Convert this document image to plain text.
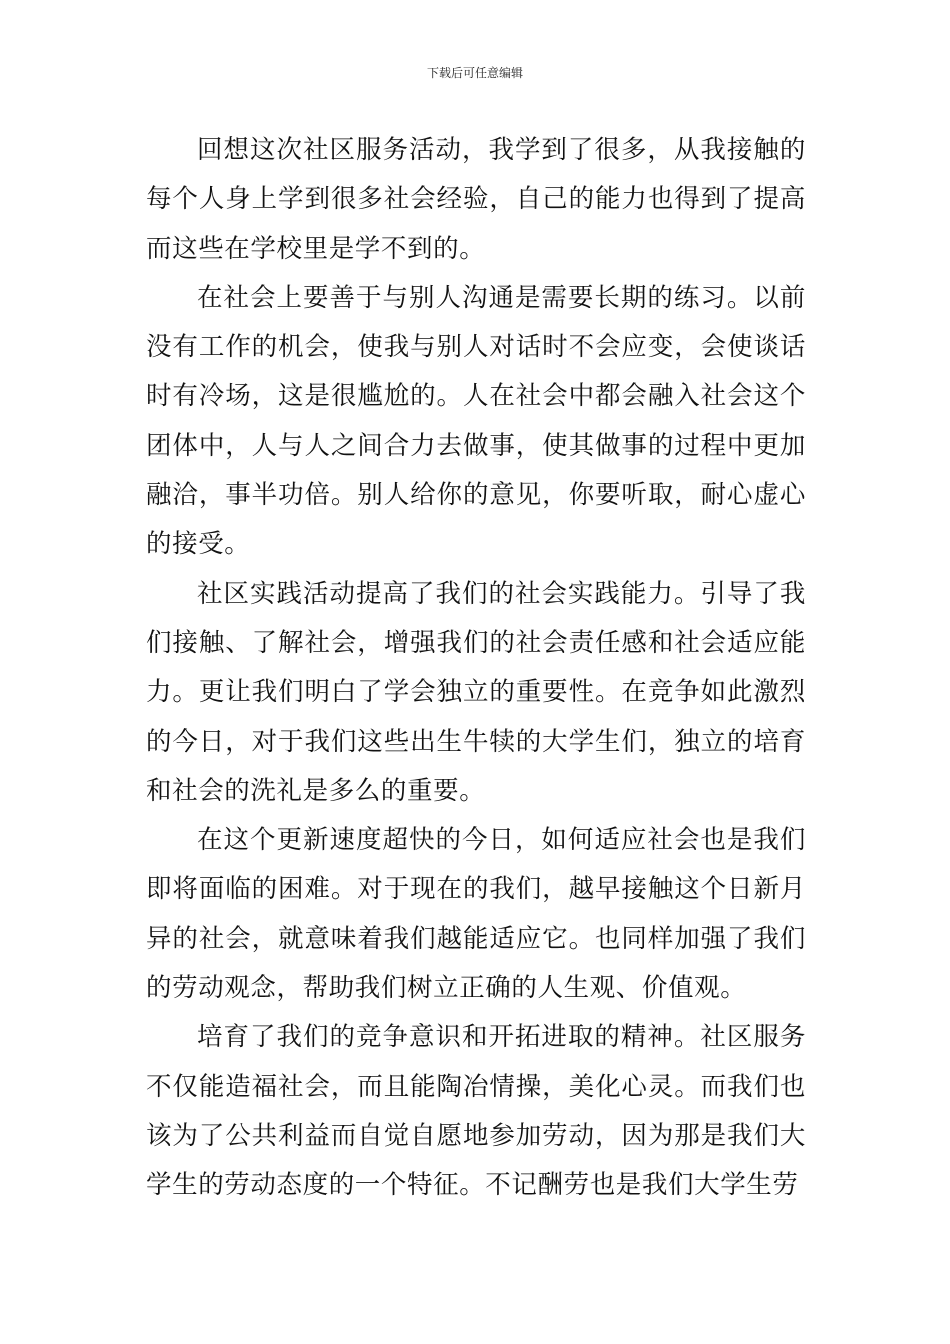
下载后可任意编辑

回想这次社区服务活动，我学到了很多，从我接触的每个人身上学到很多社会经验，自己的能力也得到了提高而这些在学校里是学不到的。

在社会上要善于与别人沟通是需要长期的练习。以前没有工作的机会，使我与别人对话时不会应变，会使谈话时有冷场，这是很尴尬的。人在社会中都会融入社会这个团体中，人与人之间合力去做事，使其做事的过程中更加融洽，事半功倍。别人给你的意见，你要听取，耐心虚心的接受。

社区实践活动提高了我们的社会实践能力。引导了我们接触、了解社会，增强我们的社会责任感和社会适应能力。更让我们明白了学会独立的重要性。在竞争如此激烈的今日，对于我们这些出生牛犊的大学生们，独立的培育和社会的洗礼是多么的重要。

在这个更新速度超快的今日，如何适应社会也是我们即将面临的困难。对于现在的我们，越早接触这个日新月异的社会，就意味着我们越能适应它。也同样加强了我们的劳动观念，帮助我们树立正确的人生观、价值观。

培育了我们的竞争意识和开拓进取的精神。社区服务不仅能造福社会，而且能陶冶情操，美化心灵。而我们也该为了公共利益而自觉自愿地参加劳动，因为那是我们大学生的劳动态度的一个特征。不记酬劳也是我们大学生劳
